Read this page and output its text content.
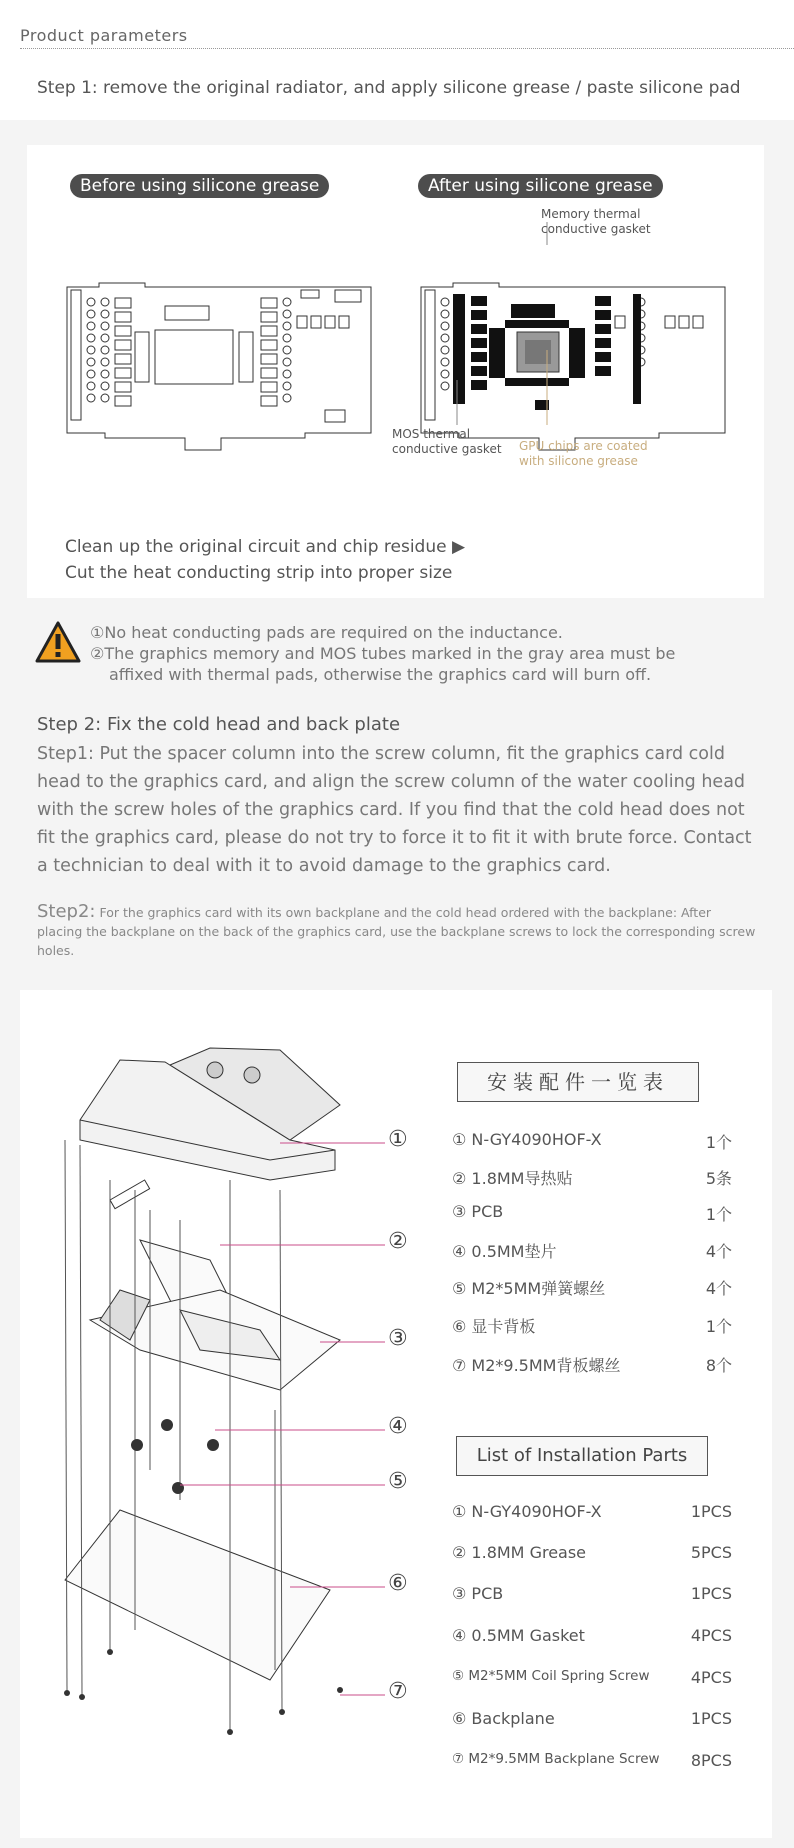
Product parameters
Step 1: remove the original radiator, and apply silicone grease / paste silicone pad
Before using silicone grease	After using silicone grease
Memory thermal
conductive gasket
MOS thermal
conductive gasket GPU chips are coated
with silicone grease
Clean up the original circuit and chip residue ▶
Cut the heat conducting strip into proper size
①No heat conducting pads are required on the inductance.
②The graphics memory and MOS tubes marked in the gray area must be
affixed with thermal pads, otherwise the graphics card will burn off.
Step 2: Fix the cold head and back plate
Step1: Put the spacer column into the screw column, fit the graphics card cold head to the graphics card, and align the screw column of the water cooling head with the screw holes of the graphics card. If you find that the cold head does not fit the graphics card, please do not try to force it to fit it with brute force. Contact a technician to deal with it to avoid damage to the graphics card.
Step2: For the graphics card with its own backplane and the cold head ordered with the backplane: After placing the backplane on the back of the graphics card, use the backplane screws to lock the corresponding screw holes.
①
②
③
④
⑤
⑥
⑦
安装配件一览表
① N-GY4090HOF-X	1个
② 1.8MM导热贴	5条
③ PCB	1个
④ 0.5MM垫片	4个
⑤ M2*5MM弹簧螺丝	4个
⑥ 显卡背板	1个
⑦ M2*9.5MM背板螺丝	8个
List of Installation Parts
① N-GY4090HOF-X	1PCS
② 1.8MM Grease	5PCS
③ PCB	1PCS
④ 0.5MM Gasket	4PCS
⑤ M2*5MM Coil Spring Screw	4PCS
⑥ Backplane	1PCS
⑦ M2*9.5MM Backplane Screw	8PCS
